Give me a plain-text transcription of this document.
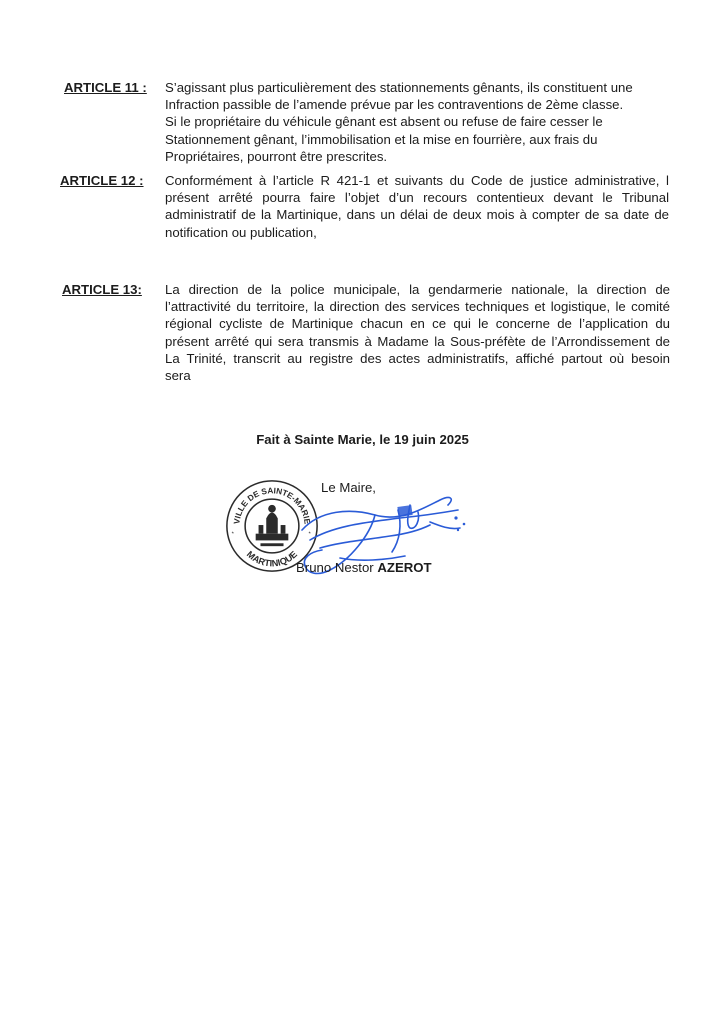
ARTICLE 11 : S’agissant plus particulièrement des stationnements gênants, ils constituent une
Infraction passible de l’amende prévue par les contraventions de 2ème classe.
Si le propriétaire du véhicule gênant est absent ou refuse de faire cesser le
Stationnement gênant, l’immobilisation et la mise en fourrière, aux frais du
Propriétaires, pourront être prescrites.
ARTICLE 12 : Conformément à l’article R 421-1 et suivants du Code de justice administrative, l
présent arrêté pourra faire l’objet d’un recours contentieux devant le Tribunal
administratif de la Martinique, dans un délai de deux mois à compter de sa date de
notification ou publication,
ARTICLE 13: La direction de la police municipale, la gendarmerie nationale, la direction de
l’attractivité du territoire, la direction des services techniques et logistique, le comité
régional cycliste de Martinique chacun en ce qui le concerne de l’application du
présent arrêté qui sera transmis à Madame la Sous-préfète de l’Arrondissement de
La Trinité, transcrit au registre des actes administratifs, affiché partout où besoin
sera
Fait à Sainte Marie, le 19 juin 2025
VILLE DE SAINTE-MARIE
MARTINIQUE
*	*
Le Maire,
Bruno Nestor AZEROT
